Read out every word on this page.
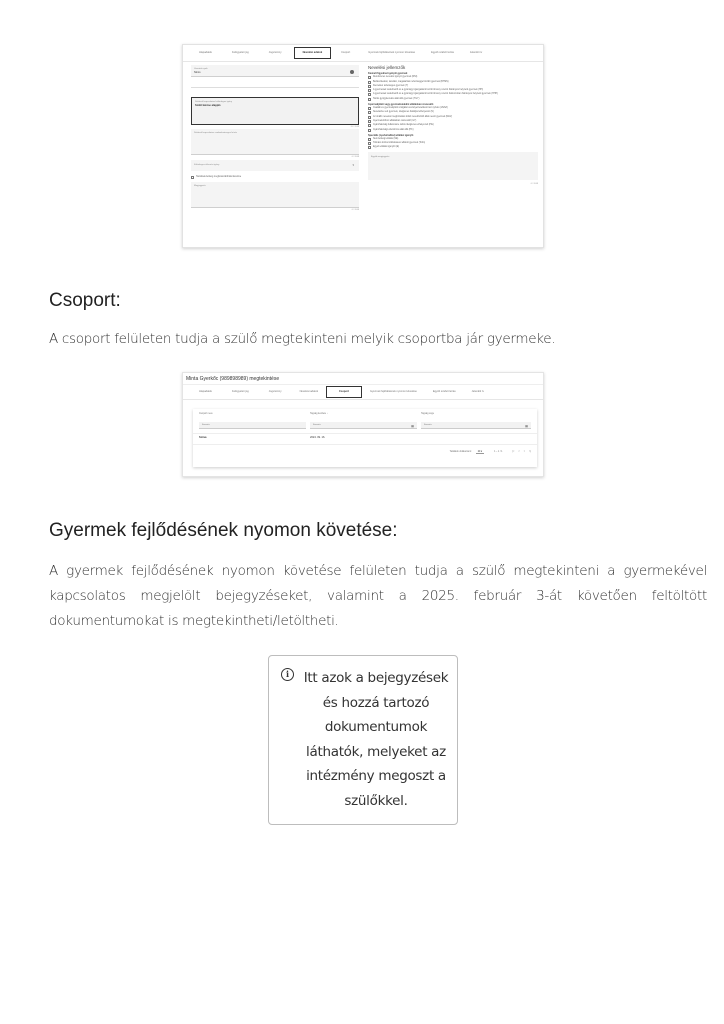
Alapadatok	Felügyeleti jog	Jogviszony	Nevelési adatok	Csoport	Gyermek fejlődésének nyomon követése	Egyéb szabót leírás	Jelenléti ív
Vezetett nyelv
Nincs
Diétával kapcsolatos különleges igény
Szülő kérése alapján
20 / 2048
Diétával kapcsolatos szabadszöveges leírás
0 / 2048
Különleges étkezési igény	▾
Tankötelezettség meghosszabbítási kérelme
Megjegyzés
0 / 2048
Nevelési jellemzők
Kiemelt figyelmet igénylő gyermek
Rendszeres nevelési igényű gyermek (RNI)
Beilleszkedési, tanulási, magatartási nehézséggel küzdő gyermek (BTMN)
Kiemelten tehetséges gyermek (T)
A gyermekek védelméről és a gyámügyi igazgatásról szóló törvény szerint hátrányos helyzetű gyermek (HH)
A gyermekek védelméről és a gyámügyi igazgatásról szóló törvény szerint halmozottan hátrányos helyzetű gyermek (HHH)
Tartós gyógykezelés alatt álló gyermek (TGY)
Gyermekjóléti vagy gyermekvédelmi ellátásban részesülő
Családi és gyermekjóléti szolgálat veszélyeztetettként tart nyilván (VESZ)
Nevelésbe vett gyermek, ideiglenes hatállyal elhelyezett (N)
Az önálló nevelési megbízatású külső nevelőszülő által nevelt gyermek (NEV)
Gyermekotthoni ellátásban részesülő (GY)
Gyámhatóság felkérésére tartós ideiglenes elhelyezett (HE)
Gyámhatósági ellenőrzés alatt álló (HK)
Speciális (nyelvi/vallási) ellátást igénylő
Nemzetiségi ellátás (NE)
Tolmács közreműködésével ellátott gyermek (Tolm)
Egyéb ellátást igénylő (E)
Egyéb megjegyzés
0 / 2048
Csoport:
A csoport felületen tudja a szülő megtekinteni melyik csoportba jár gyermeke.
Minta Gyerkőc (989898989) megtekintése
Alapadatok	Felügyeleti jog	Jogviszony	Nevelési adatok	Csoport	Gyermek fejlődésének nyomon követése	Egyéb szabót leírás	Jelenléti ív
Csoport neve	Tagság kezdete ↓	Tagság vége
Keresés	Keresés	▦	Keresés	▦
Szöva	2024. 09. 16.
Találatok oldalanként:	20 ▾	1 – 1 / 1	|< < > >|
Gyermek fejlődésének nyomon követése:
A gyermek fejlődésének nyomon követése felületen tudja a szülő megtekinteni a gyermekével
kapcsolatos megjelölt bejegyzéseket, valamint a 2025. február 3-át követően feltöltött
dokumentumokat is megtekintheti/letöltheti.
i	Itt azok a bejegyzések
és hozzá tartozó
dokumentumok
láthatók, melyeket az
intézmény megoszt a
szülőkkel.
